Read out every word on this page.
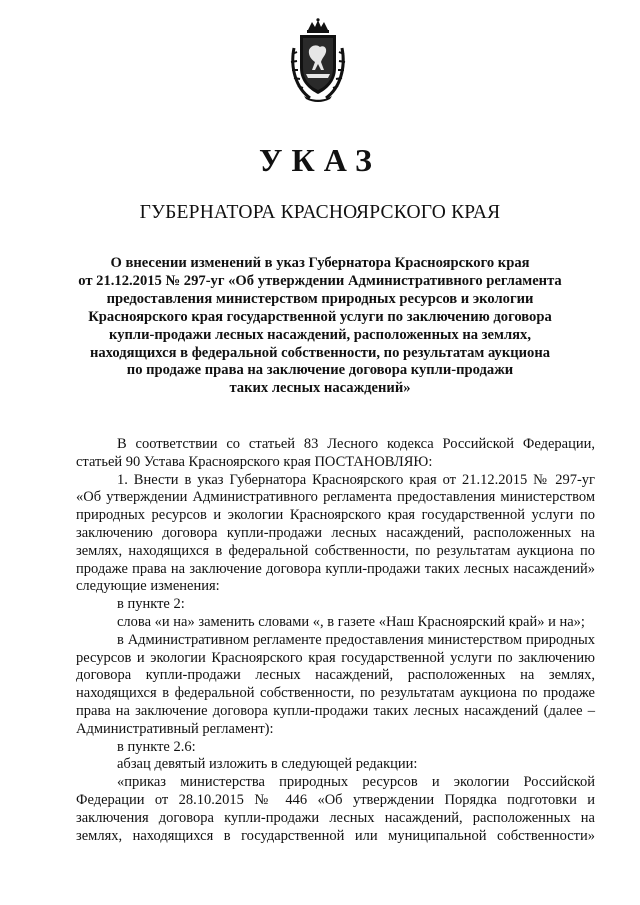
УКАЗ
ГУБЕРНАТОРА КРАСНОЯРСКОГО КРАЯ
О внесении изменений в указ Губернатора Красноярского края
от 21.12.2015 № 297-уг «Об утверждении Административного регламента
предоставления министерством природных ресурсов и экологии
Красноярского края государственной услуги по заключению договора
купли-продажи лесных насаждений, расположенных на землях,
находящихся в федеральной собственности, по результатам аукциона
по продаже права на заключение договора купли-продажи
таких лесных насаждений»

В соответствии со статьей 83 Лесного кодекса Российской Федерации, статьей 90 Устава Красноярского края ПОСТАНОВЛЯЮ:

1. Внести в указ Губернатора Красноярского края от 21.12.2015 № 297-уг «Об утверждении Административного регламента предоставления министерством природных ресурсов и экологии Красноярского края государственной услуги по заключению договора купли-продажи лесных насаждений, расположенных на землях, находящихся в федеральной собственности, по результатам аукциона по продаже права на заключение договора купли-продажи таких лесных насаждений» следующие изменения:

в пункте 2:

слова «и на» заменить словами «, в газете «Наш Красноярский край» и на»;

в Административном регламенте предоставления министерством природных ресурсов и экологии Красноярского края государственной услуги по заключению договора купли-продажи лесных насаждений, расположенных на землях, находящихся в федеральной собственности, по результатам аукциона по продаже права на заключение договора купли-продажи таких лесных насаждений (далее – Административный регламент):

в пункте 2.6:

абзац девятый изложить в следующей редакции:

«приказ министерства природных ресурсов и экологии Российской Федерации от 28.10.2015 № 446 «Об утверждении Порядка подготовки и заключения договора купли-продажи лесных насаждений, расположенных на землях, находящихся в государственной или муниципальной собственности»
